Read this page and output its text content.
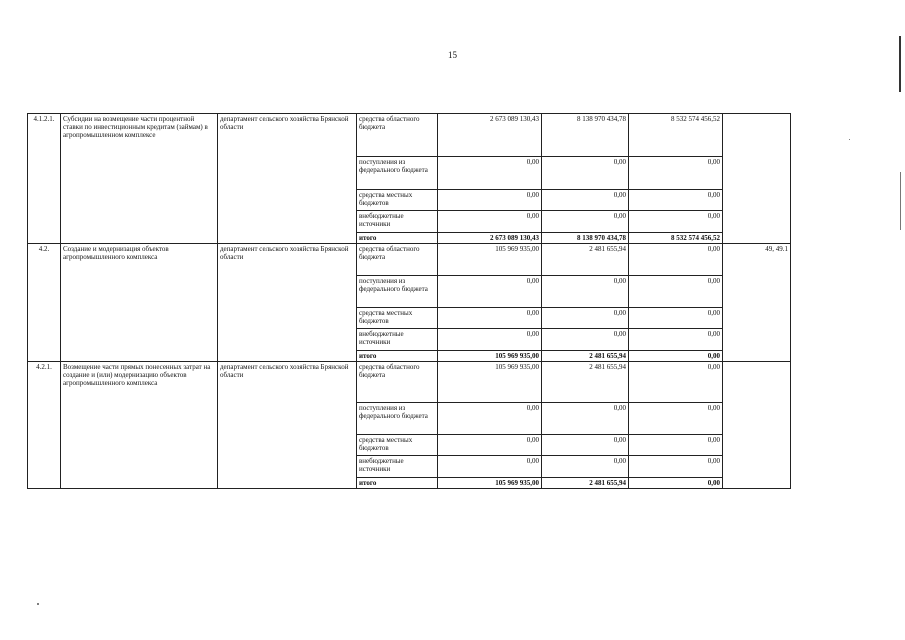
15
4.1.2.1.	Субсидии на возмещение части процентной ставки по инвестиционным кредитам (займам) в агропромышленном комплексе	департамент сельского хозяйства Брянской области	средства областного бюджета	2 673 089 130,43	8 138 970 434,78	8 532 574 456,52	
			поступления из федерального бюджета	0,00	0,00	0,00	
			средства местных бюджетов	0,00	0,00	0,00	
			внебюджетные источники	0,00	0,00	0,00	
			итого	2 673 089 130,43	8 138 970 434,78	8 532 574 456,52	
4.2.	Создание и модернизация объектов агропромышленного комплекса	департамент сельского хозяйства Брянской области	средства областного бюджета	105 969 935,00	2 481 655,94	0,00	49, 49.1
			поступления из федерального бюджета	0,00	0,00	0,00	
			средства местных бюджетов	0,00	0,00	0,00	
			внебюджетные источники	0,00	0,00	0,00	
			итого	105 969 935,00	2 481 655,94	0,00	
4.2.1.	Возмещение части прямых понесенных затрат на создание и (или) модернизацию объектов агропромышленного комплекса	департамент сельского хозяйства Брянской области	средства областного бюджета	105 969 935,00	2 481 655,94	0,00	
			поступления из федерального бюджета	0,00	0,00	0,00	
			средства местных бюджетов	0,00	0,00	0,00	
			внебюджетные источники	0,00	0,00	0,00	
			итого	105 969 935,00	2 481 655,94	0,00	
